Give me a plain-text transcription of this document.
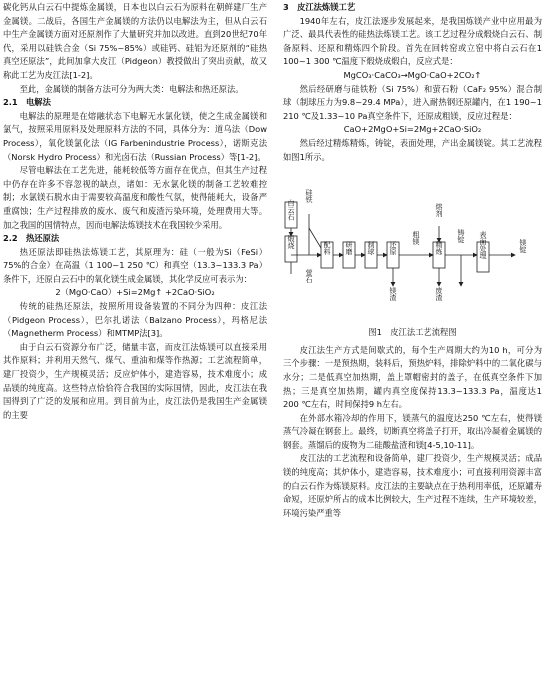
碳化钙从白云石中提炼金属镁，日本也以白云石为原料在朝鲜建厂生产金属镁。二战后，各国生产金属镁的方法仍以电解法为主，但从白云石中生产金属镁方面对还原剂作了大量研究并加以改进。直到20世纪70年代，采用以硅铁合金（Si 75%~85%）或硅钙、硅铝为还原剂的“硅热真空还原法”，此间加拿大皮江（Pidgeon）教授做出了突出贡献，故又称此工艺为皮江法[1-2]。

至此，金属镁的制备方法可分为两大类：电解法和热还原法。

2.1　电解法

电解法的原理是在熔融状态下电解无水氯化镁，使之生成金属镁和氯气，按照采用原料及处理原料方法的不同，具体分为：道乌法（Dow Process），氧化镁氯化法（IG Farbenindustrie Process），诺斯克法（Norsk Hydro Process）和光卤石法（Russian Process）等[1-2]。

尽管电解法在工艺先进，能耗较低等方面存在优点，但其生产过程中仍存在许多不容忽视的缺点，诸如：无水氯化镁的制备工艺较难控制；水氯镁石脱水由于需要较高温度和酸性气氛，使得能耗大，设备严重腐蚀；生产过程排放的废水、废气和废渣污染环境，处理费用大等。加之我国的国情特点，因而电解法炼镁技术在我国较少采用。

2.2　热还原法

热还原法即硅热法炼镁工艺，其原理为：硅（一般为Si（FeSi）75%的合金）在高温（1 100~1 250 ℃）和真空（13.3~133.3 Pa）条件下，还原白云石中的氧化镁生成金属镁，其化学反应可表示为：

2（MgO·CaO）+Si=2Mg↑ +2CaO·SiO₂

传统的硅热还原法，按照所用设备装置的不同分为四种：皮江法（Pidgeon Process），巴尔扎诺法（Balzano Process），玛格尼法（Magnetherm Process）和MTMP法[3]。

由于白云石资源分布广泛，储量丰富，而皮江法炼镁可以直接采用其作原料；并利用天然气、煤气、重油和煤等作热源；工艺流程简单，建厂投资少，生产规模灵活；反应炉体小，建造容易，技术难度小；成品镁的纯度高。这些特点恰恰符合我国的实际国情，因此，皮江法在我国得到了广泛的发展和应用。到目前为止，皮江法仍是我国生产金属镁的主要

3　皮江法炼镁工艺

1940年左右，皮江法逐步发展起来，是我国炼镁产业中应用最为广泛、最具代表性的硅热法炼镁工艺。该工艺过程分成煅烧白云石、制备原料、还原和精炼四个阶段。首先在回转窑或立窑中将白云石在1 100~1 300 ℃温度下煅烧成煅白，反应式是：

MgCO₃·CaCO₃→MgO·CaO+2CO₂↑

然后经研磨与硅铁粉（Si 75%）和萤石粉（CaF₂ 95%）混合制球（制球压力为9.8~29.4 MPa），进入耐热钢还原罐内，在1 190~1 210 ℃及1.33~10 Pa真空条件下，还原成粗镁，反应过程是：

CaO+2MgO+Si=2Mg+2CaO·SiO₂

然后经过精炼精炼，铸锭，表面处理，产出金属镁锭。其工艺流程如图1所示。

白云石
煅烧
硅铁
萤石
配料 研磨 制球 还原
粗镁
精炼
铸锭 表面处理	镁锭
熔剂
镁渣	废渣

图1　皮江法工艺流程图

皮江法生产方式是间歇式的，每个生产周期大约为10 h，可分为三个步骤：一是预热期，装料后，预热炉料，排除炉料中的二氧化碳与水分；二是低真空加热期，盖上罩帽密封的盖子，在低真空条件下加热；三是真空加热期，罐内真空度保持13.3~133.3 Pa，温度达1 200 ℃左右，时间保持9 h左右。

在外部水箱冷却的作用下，镁蒸气的温度达250 ℃左右，使得镁蒸气冷凝在钢套上。最终，切断真空将盖子打开，取出冷凝着金属镁的钢套。蒸馏后的废物为二硅酸盐渣和镁[4-5,10-11]。

皮江法的工艺流程和设备简单，建厂投资少，生产规模灵活；成品镁的纯度高；其炉体小，建造容易，技术难度小；可直接利用资源丰富的白云石作为炼镁原料。皮江法的主要缺点在于热利用率低，还原罐寿命短，还原炉所占的成本比例较大，生产过程不连续，生产环境较差，环境污染严重等
